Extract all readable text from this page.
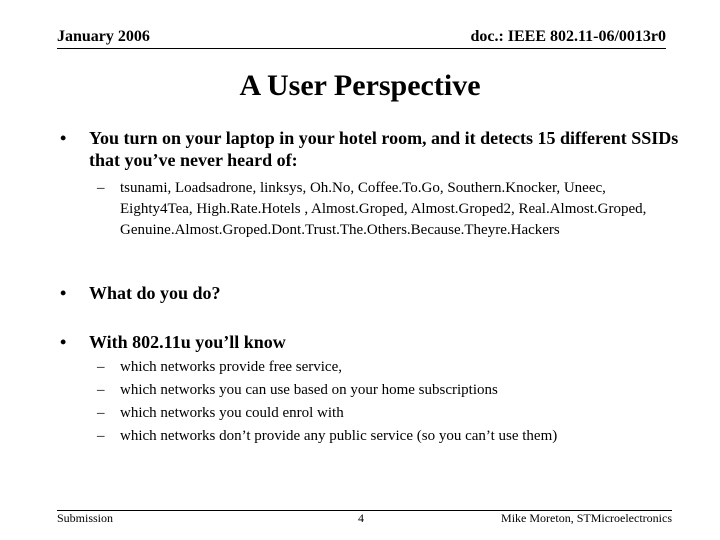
January 2006	doc.: IEEE 802.11-06/0013r0
A User Perspective
• You turn on your laptop in your hotel room, and it detects 15 different SSIDs that you’ve never heard of:
– tsunami, Loadsadrone, linksys, Oh.No, Coffee.To.Go, Southern.Knocker, Uneec, Eighty4Tea, High.Rate.Hotels , Almost.Groped, Almost.Groped2, Real.Almost.Groped, Genuine.Almost.Groped.Dont.Trust.The.Others.Because.Theyre.Hackers
• What do you do?
• With 802.11u you’ll know
– which networks provide free service,
– which networks you can use based on your home subscriptions
– which networks you could enrol with
– which networks don’t provide any public service (so you can’t use them)
Submission	4	Mike Moreton, STMicroelectronics
